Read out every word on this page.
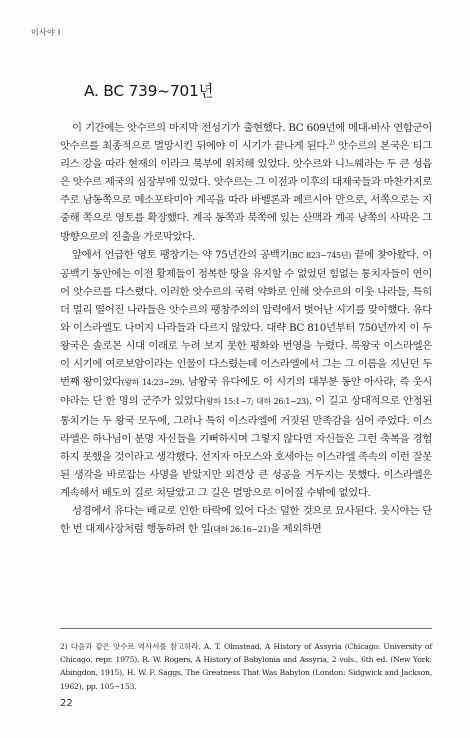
이사야 I
A. BC 739~701년

이 기간에는 앗수르의 마지막 전성기가 출현했다. BC 609년에 메대-바사 연합군이 앗수르를 최종적으로 멸망시킨 뒤에야 이 시기가 끝나게 된다.$^{2)}$ 앗수르의 본국은 티그리스 강을 따라 현재의 이라크 북부에 위치해 있었다. 앗수르와 니느웨라는 두 큰 성읍은 앗수르 제국의 심장부에 있었다. 앗수르는 그 이전과 이후의 대제국들과 마찬가지로 주로 남동쪽으로 메소포타미아 계곡을 따라 바벨론과 페르시아 만으로, 서쪽으로는 지중해 쪽으로 영토를 확장했다. 계곡 동쪽과 북쪽에 있는 산맥과 계곡 남쪽의 사막은 그 방향으로의 진출을 가로막았다.

앞에서 언급한 영토 팽창기는 약 75년간의 공백기(BC 823~745년) 끝에 찾아왔다. 이 공백기 동안에는 이전 황제들이 정복한 땅을 유지할 수 없었던 힘없는 통치자들이 연이어 앗수르를 다스렸다. 이러한 앗수르의 국력 약화로 인해 앗수르의 이웃 나라들, 특히 더 멀리 떨어진 나라들은 앗수르의 팽창주의의 압력에서 벗어난 시기를 맞이했다. 유다와 이스라엘도 나머지 나라들과 다르지 않았다. 대략 BC 810년부터 750년까지 이 두 왕국은 솔로몬 시대 이래로 누려 보지 못한 평화와 번영을 누렸다. 북왕국 이스라엘은 이 시기에 여로보암이라는 인물이 다스렸는데 이스라엘에서 그는 그 이름을 지닌던 두 번째 왕이었다(왕하 14:23~29). 남왕국 유다에도 이 시기의 대부분 동안 아사랴, 즉 웃시야라는 단 한 명의 군주가 있었다(왕하 15:1~7; 대하 26:1~23). 이 길고 상대적으로 안정된 통치기는 두 왕국 모두에, 그러나 특히 이스라엘에 거짓된 만족감을 심어 주었다. 이스라엘은 하나님이 분명 자신들을 기뻐하시며 그렇지 않다면 자신들은 그런 축복을 경험하지 못했을 것이라고 생각했다. 선지자 아모스와 호세아는 이스라엘 족속의 이런 잘못된 생각을 바로잡는 사명을 받았지만 외견상 큰 성공을 거두지는 못했다. 이스라엘은 계속해서 배도의 길로 치달았고 그 길은 멸망으로 이어질 수밖에 없었다.

성경에서 유다는 배교로 인한 타락에 있어 다소 덜한 것으로 묘사된다. 웃시야는 단 한 번 대제사장처럼 행동하려 한 일(대하 26:16~21)을 제외하면

2) 다음과 같은 앗수르 역사서를 참고하라. A. T. Olmstead, A History of Assyria (Chicago: University of Chicago, repr. 1975), R. W. Rogers, A History of Babylonia and Assyria, 2 vols., 6th ed. (New York: Abingdon, 1915), H. W. F. Saggs, The Greatness That Was Babylon (London: Sidgwick and Jackson, 1962), pp. 105~153.
22
